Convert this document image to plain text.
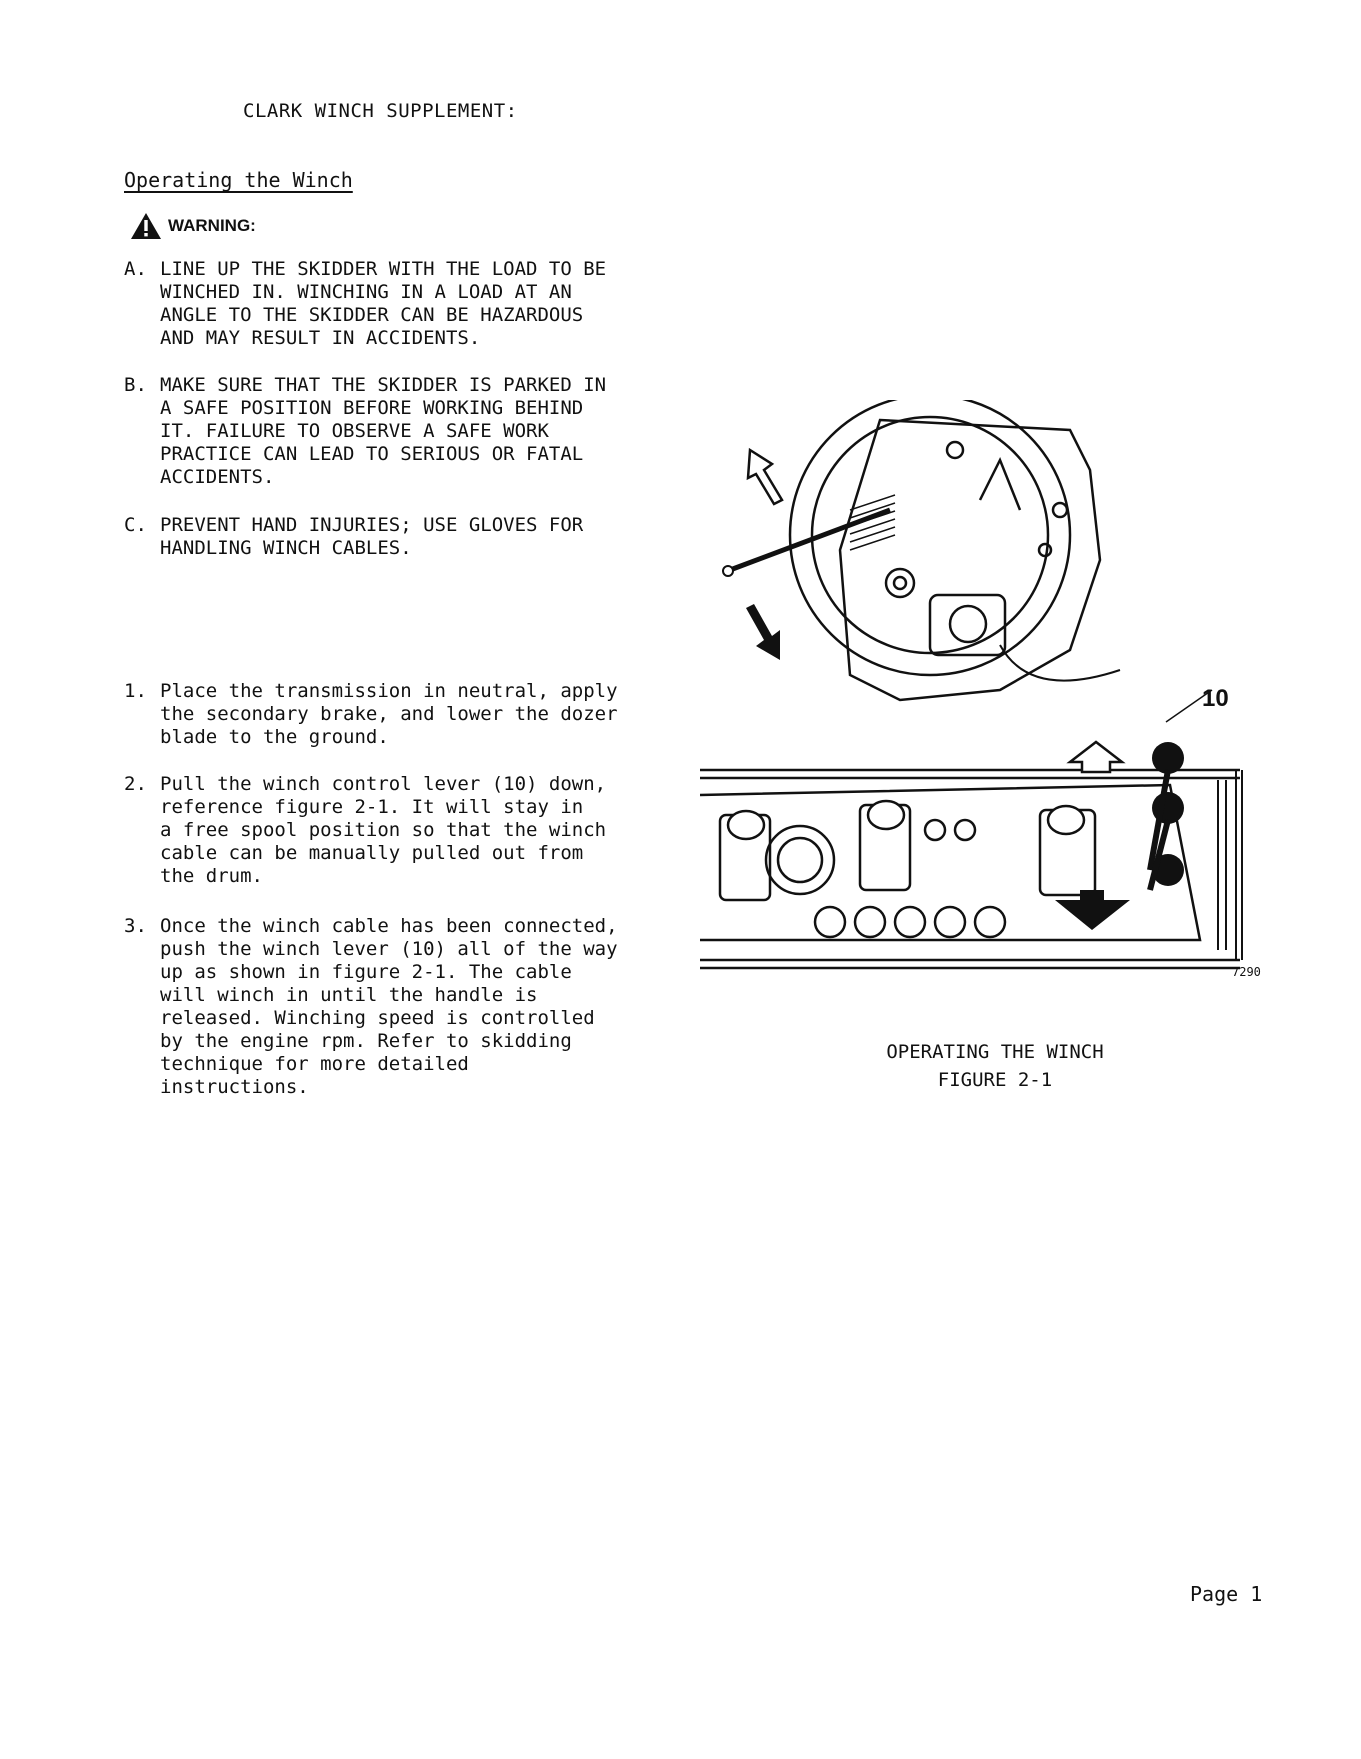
CLARK WINCH SUPPLEMENT:
Operating the Winch
WARNING:
A. LINE UP THE SKIDDER WITH THE LOAD TO BE
WINCHED IN. WINCHING IN A LOAD AT AN
ANGLE TO THE SKIDDER CAN BE HAZARDOUS
AND MAY RESULT IN ACCIDENTS.
B. MAKE SURE THAT THE SKIDDER IS PARKED IN
A SAFE POSITION BEFORE WORKING BEHIND
IT. FAILURE TO OBSERVE A SAFE WORK
PRACTICE CAN LEAD TO SERIOUS OR FATAL
ACCIDENTS.
C. PREVENT HAND INJURIES; USE GLOVES FOR
HANDLING WINCH CABLES.
1. Place the transmission in neutral, apply
the secondary brake, and lower the dozer
blade to the ground.
2. Pull the winch control lever (10) down,
reference figure 2-1. It will stay in
a free spool position so that the winch
cable can be manually pulled out from
the drum.
3. Once the winch cable has been connected,
push the winch lever (10) all of the way
up as shown in figure 2-1. The cable
will winch in until the handle is
released. Winching speed is controlled
by the engine rpm. Refer to skidding
technique for more detailed
instructions.
10
7290
OPERATING THE WINCH
FIGURE 2-1
Page 1
